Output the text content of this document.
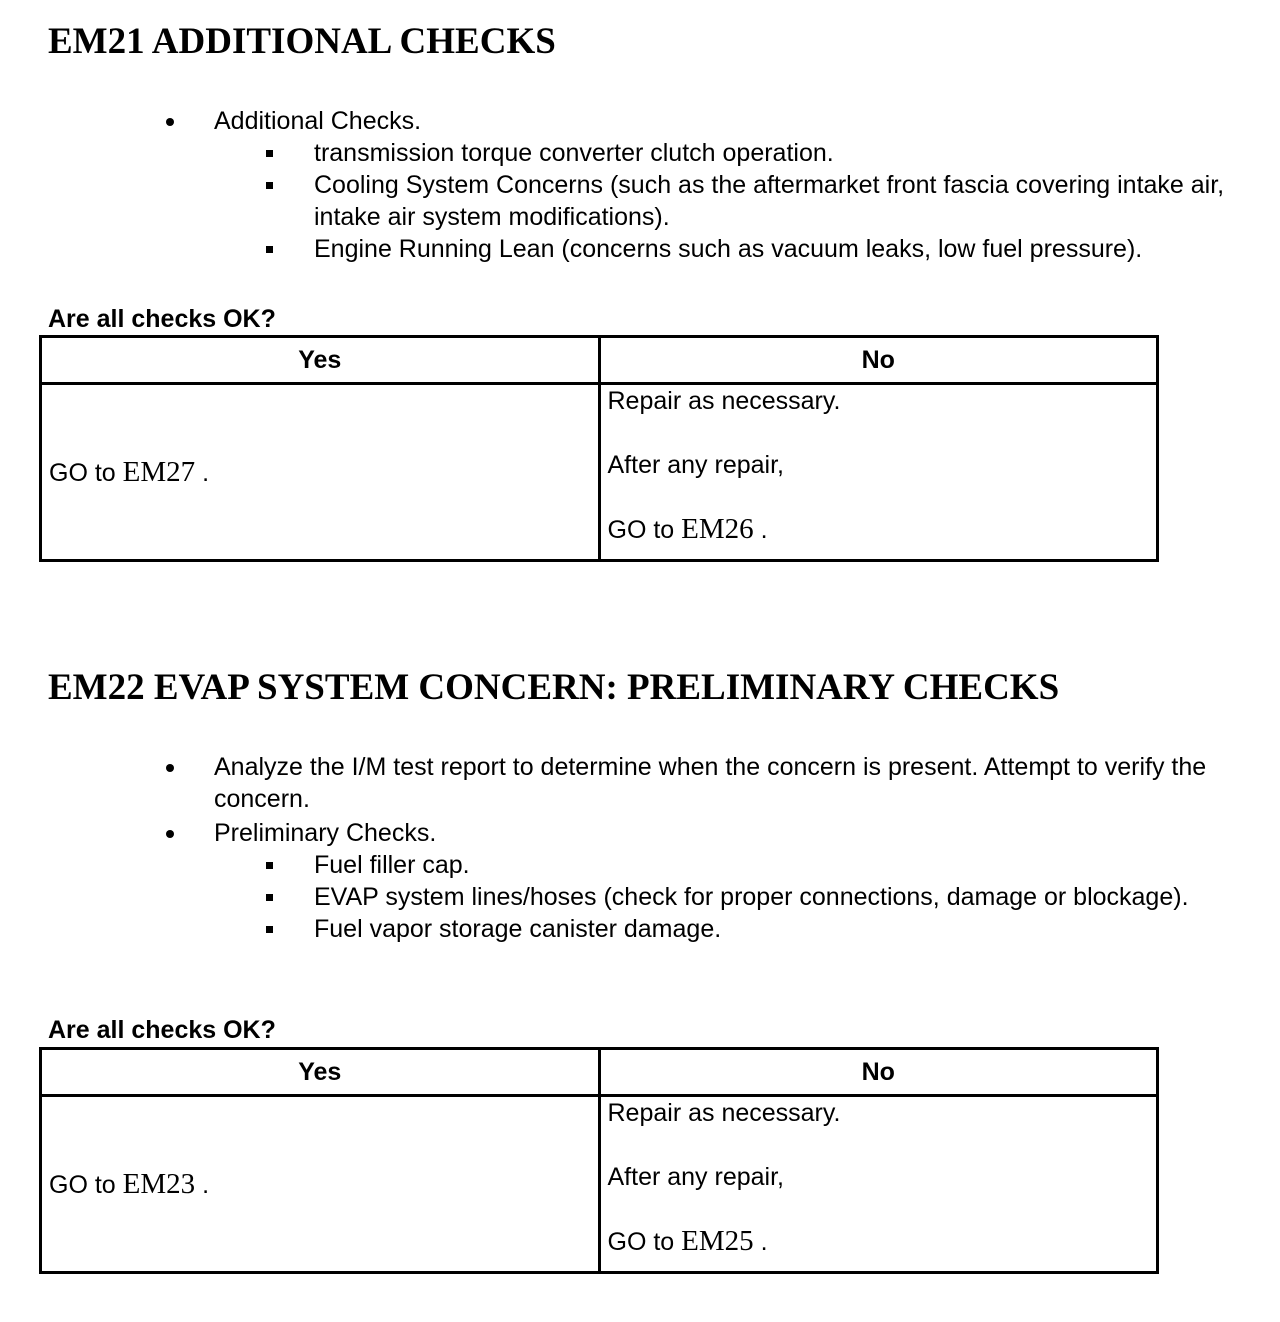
EM21 ADDITIONAL CHECKS
Additional Checks.
transmission torque converter clutch operation.
Cooling System Concerns (such as the aftermarket front fascia covering intake air, intake air system modifications).
Engine Running Lean (concerns such as vacuum leaks, low fuel pressure).

Are all checks OK?

Yes	No
GO to EM27 .	Repair as necessary.
After any repair,
GO to EM26 .
EM22 EVAP SYSTEM CONCERN: PRELIMINARY CHECKS
Analyze the I/M test report to determine when the concern is present. Attempt to verify the concern.
Preliminary Checks.
Fuel filler cap.
EVAP system lines/hoses (check for proper connections, damage or blockage).
Fuel vapor storage canister damage.

Are all checks OK?

Yes	No
GO to EM23 .	Repair as necessary.
After any repair,
GO to EM25 .
